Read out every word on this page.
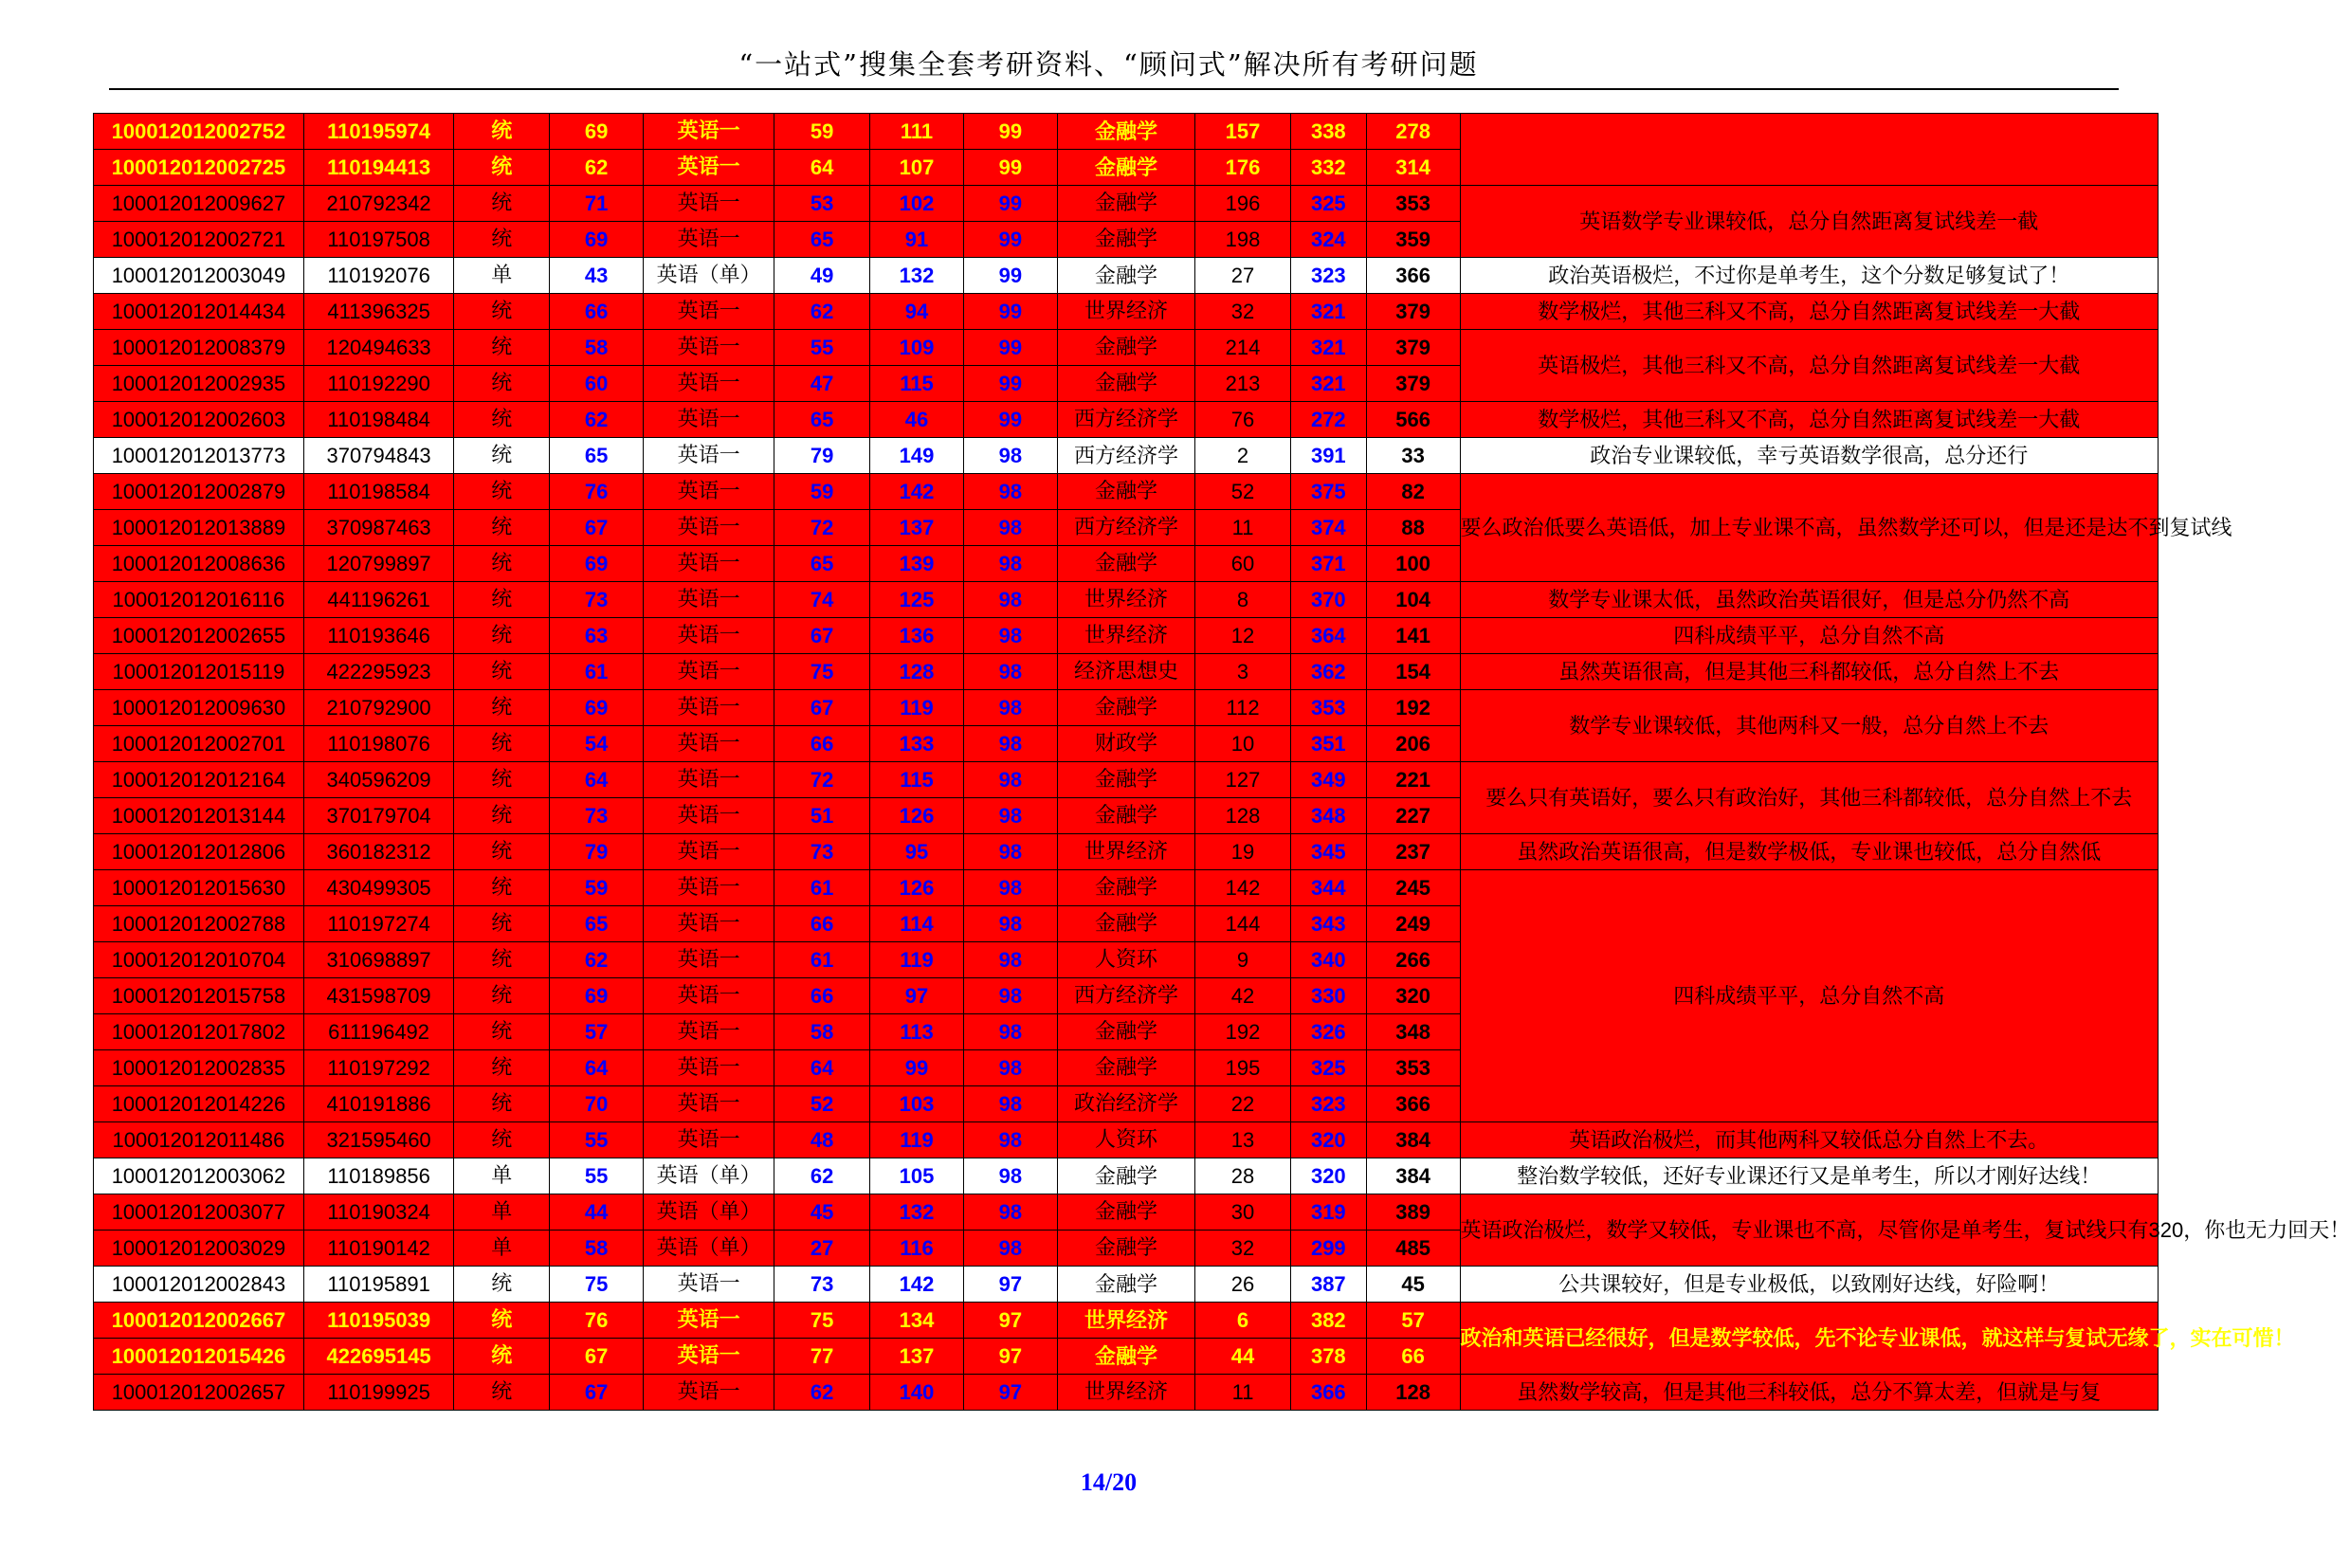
“一站式”搜集全套考研资料、“顾问式”解决所有考研问题
100012012002752	110195974	统	69	英语一	59	111	99	金融学	157	338	278	
100012012002725	110194413	统	62	英语一	64	107	99	金融学	176	332	314	
100012012009627	210792342	统	71	英语一	53	102	99	金融学	196	325	353	英语数学专业课较低，总分自然距离复试线差一截
100012012002721	110197508	统	69	英语一	65	91	99	金融学	198	324	359	
100012012003049	110192076	单	43	英语（单）	49	132	99	金融学	27	323	366	政治英语极烂，不过你是单考生，这个分数足够复试了！
100012012014434	411396325	统	66	英语一	62	94	99	世界经济	32	321	379	数学极烂，其他三科又不高，总分自然距离复试线差一大截
100012012008379	120494633	统	58	英语一	55	109	99	金融学	214	321	379	英语极烂，其他三科又不高，总分自然距离复试线差一大截
100012012002935	110192290	统	60	英语一	47	115	99	金融学	213	321	379	
100012012002603	110198484	统	62	英语一	65	46	99	西方经济学	76	272	566	数学极烂，其他三科又不高，总分自然距离复试线差一大截
100012012013773	370794843	统	65	英语一	79	149	98	西方经济学	2	391	33	政治专业课较低，幸亏英语数学很高，总分还行
100012012002879	110198584	统	76	英语一	59	142	98	金融学	52	375	82	要么政治低要么英语低，加上专业课不高，虽然数学还可以，但是还是达不到复试线
100012012013889	370987463	统	67	英语一	72	137	98	西方经济学	11	374	88	
100012012008636	120799897	统	69	英语一	65	139	98	金融学	60	371	100	
100012012016116	441196261	统	73	英语一	74	125	98	世界经济	8	370	104	数学专业课太低，虽然政治英语很好，但是总分仍然不高
100012012002655	110193646	统	63	英语一	67	136	98	世界经济	12	364	141	四科成绩平平，总分自然不高
100012012015119	422295923	统	61	英语一	75	128	98	经济思想史	3	362	154	虽然英语很高，但是其他三科都较低，总分自然上不去
100012012009630	210792900	统	69	英语一	67	119	98	金融学	112	353	192	数学专业课较低，其他两科又一般，总分自然上不去
100012012002701	110198076	统	54	英语一	66	133	98	财政学	10	351	206	
100012012012164	340596209	统	64	英语一	72	115	98	金融学	127	349	221	要么只有英语好，要么只有政治好，其他三科都较低，总分自然上不去
100012012013144	370179704	统	73	英语一	51	126	98	金融学	128	348	227	
100012012012806	360182312	统	79	英语一	73	95	98	世界经济	19	345	237	虽然政治英语很高，但是数学极低，专业课也较低，总分自然低
100012012015630	430499305	统	59	英语一	61	126	98	金融学	142	344	245	四科成绩平平，总分自然不高
100012012002788	110197274	统	65	英语一	66	114	98	金融学	144	343	249	
100012012010704	310698897	统	62	英语一	61	119	98	人资环	9	340	266	
100012012015758	431598709	统	69	英语一	66	97	98	西方经济学	42	330	320	
100012012017802	611196492	统	57	英语一	58	113	98	金融学	192	326	348	
100012012002835	110197292	统	64	英语一	64	99	98	金融学	195	325	353	
100012012014226	410191886	统	70	英语一	52	103	98	政治经济学	22	323	366	
100012012011486	321595460	统	55	英语一	48	119	98	人资环	13	320	384	英语政治极烂，而其他两科又较低总分自然上不去。
100012012003062	110189856	单	55	英语（单）	62	105	98	金融学	28	320	384	整治数学较低，还好专业课还行又是单考生，所以才刚好达线！
100012012003077	110190324	单	44	英语（单）	45	132	98	金融学	30	319	389	英语政治极烂，数学又较低，专业课也不高，尽管你是单考生，复试线只有320，你也无力回天！
100012012003029	110190142	单	58	英语（单）	27	116	98	金融学	32	299	485	
100012012002843	110195891	统	75	英语一	73	142	97	金融学	26	387	45	公共课较好，但是专业极低，以致刚好达线，好险啊！
100012012002667	110195039	统	76	英语一	75	134	97	世界经济	6	382	57	政治和英语已经很好，但是数学较低，先不论专业课低，就这样与复试无缘了，实在可惜！
100012012015426	422695145	统	67	英语一	77	137	97	金融学	44	378	66	
100012012002657	110199925	统	67	英语一	62	140	97	世界经济	11	366	128	虽然数学较高，但是其他三科较低，总分不算太差，但就是与复
14/20
